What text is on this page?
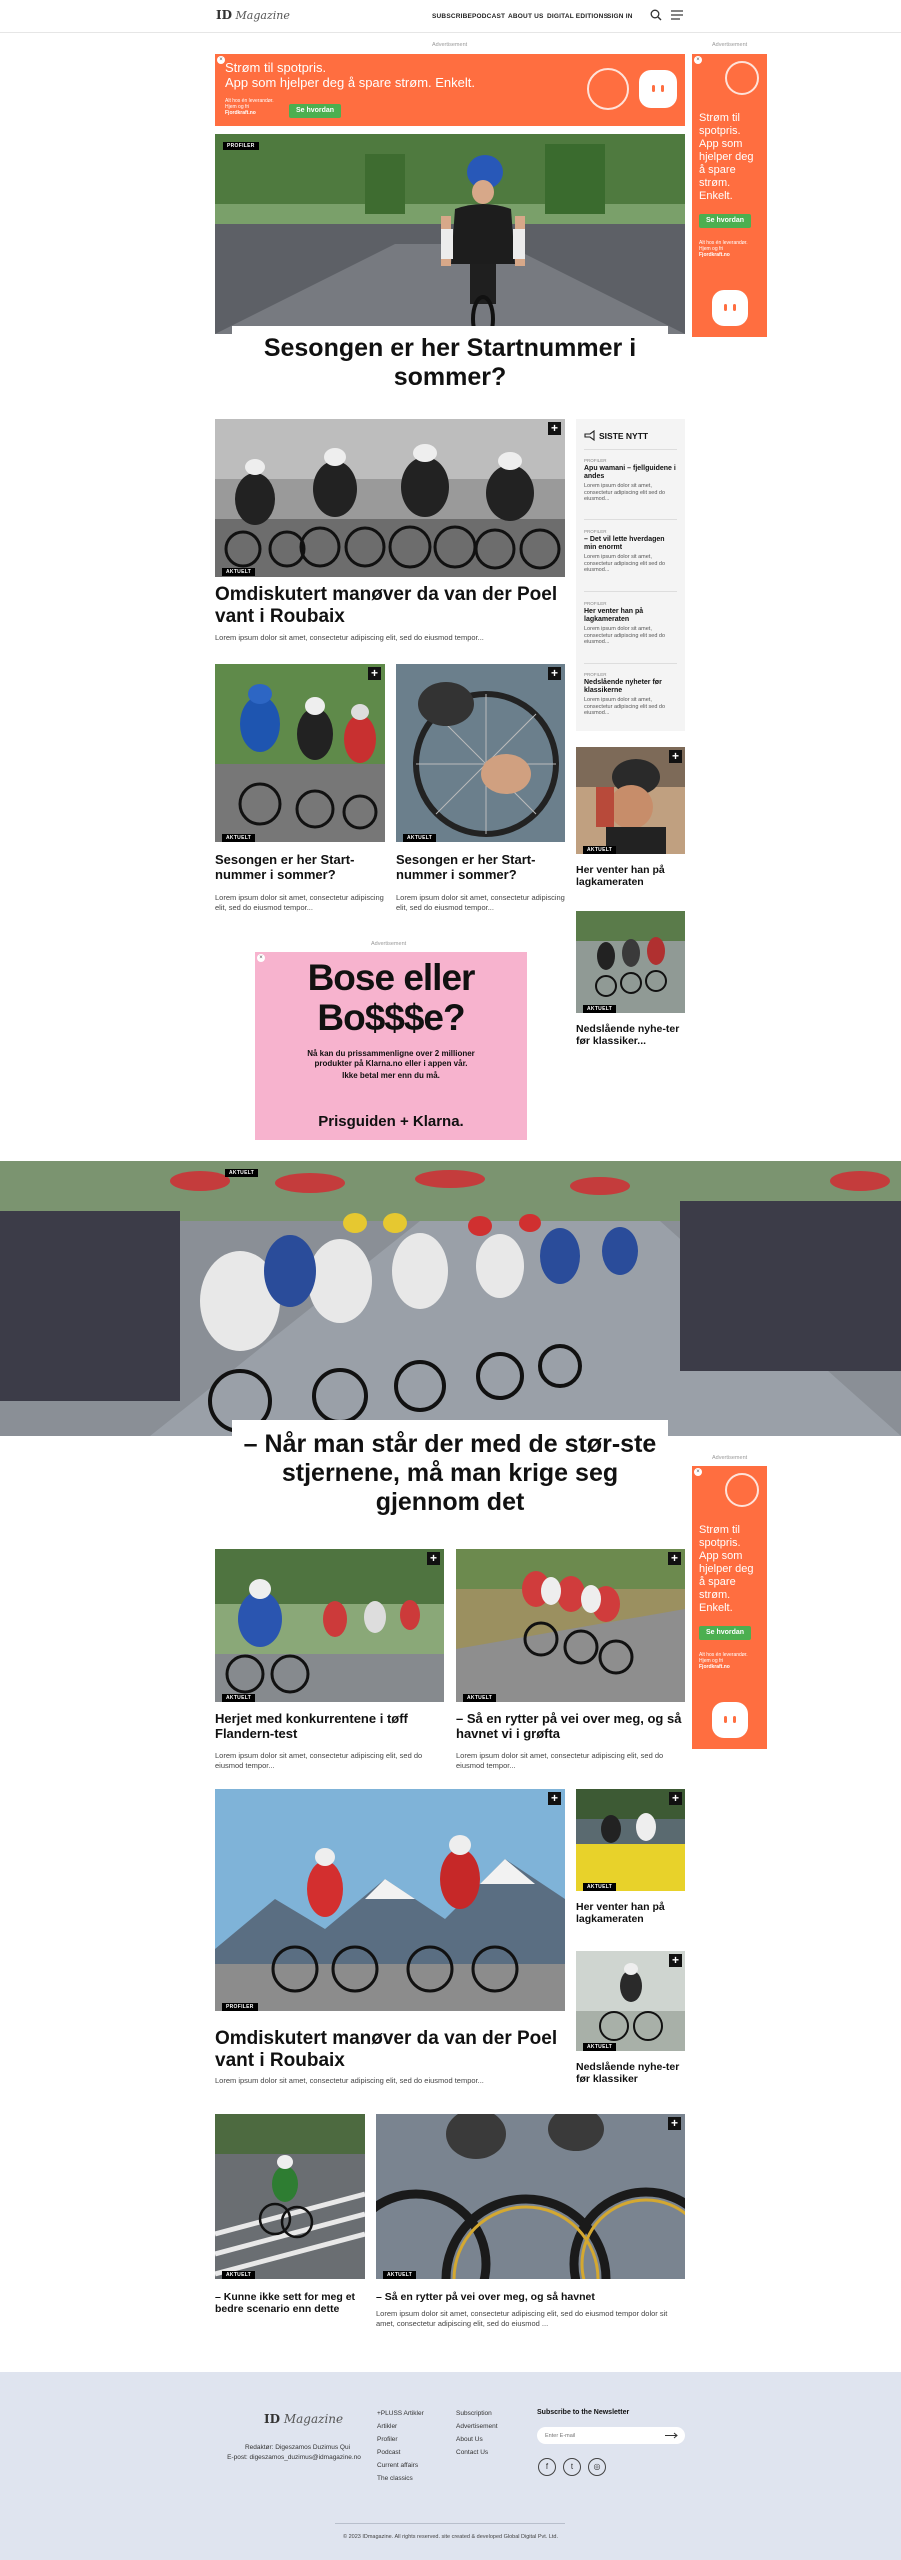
ID Magazine	SUBSCRIBE PODCAST ABOUT US DIGITAL EDITIONS
SIGN IN
Advertisement	Advertisement
× Strøm til spotpris.
App som hjelper deg å spare strøm. Enkelt.
Alt hos én leverandør.
Hjem og fri
Fjordkraft.no	Se hvordan
×
Strøm til spotpris. App som hjelper deg å spare strøm. Enkelt.
Se hvordan
Alt hos én leverandør.
Hjem og fri
Fjordkraft.no
PROFILER
Sesongen er her Startnummer i sommer?
+
AKTUELT
Omdiskutert manøver da van der Poel vant i Roubaix
Lorem ipsum dolor sit amet, consectetur adipiscing elit, sed do eiusmod tempor...
SISTE NYTT
PROFILER
Apu wamani – fjellguidene i andes
Lorem ipsum dolor sit amet, consectetur adipiscing elit sed do eiusmod...
PROFILER
– Det vil lette hverdagen min enormt
Lorem ipsum dolor sit amet, consectetur adipiscing elit sed do eiusmod...
PROFILER
Her venter han på lagkameraten
Lorem ipsum dolor sit amet, consectetur adipiscing elit sed do eiusmod...
PROFILER
Nedslående nyheter før klassikerne
Lorem ipsum dolor sit amet, consectetur adipiscing elit sed do eiusmod...
+
AKTUELT
Sesongen er her Start-nummer i sommer?
Lorem ipsum dolor sit amet, consectetur adipiscing elit, sed do eiusmod tempor...
+
AKTUELT
Sesongen er her Start-nummer i sommer?
Lorem ipsum dolor sit amet, consectetur adipiscing elit, sed do eiusmod tempor...
+
AKTUELT
Her venter han på lagkameraten
AKTUELT
Nedslående nyhe-ter før klassiker...
Advertisement
×	Bose eller
Bo$$$e?
Nå kan du prissammenligne over 2 millioner
produkter på Klarna.no eller i appen vår.
Ikke betal mer enn du må.
Prisguiden + Klarna.
AKTUELT
– Når man står der med de stør-ste stjernene, må man krige seg gjennom det
Advertisement
×
Strøm til spotpris. App som hjelper deg å spare strøm. Enkelt.
Se hvordan
Alt hos én leverandør.
Hjem og fri
Fjordkraft.no
+
AKTUELT
Herjet med konkurrentene i tøff Flandern-test
Lorem ipsum dolor sit amet, consectetur adipiscing elit, sed do eiusmod tempor...
+
AKTUELT
– Så en rytter på vei over meg, og så havnet vi i grøfta
Lorem ipsum dolor sit amet, consectetur adipiscing elit, sed do eiusmod tempor...
+
PROFILER
Omdiskutert manøver da van der Poel vant i Roubaix
Lorem ipsum dolor sit amet, consectetur adipiscing elit, sed do eiusmod tempor...
+
AKTUELT
Her venter han på lagkameraten
+
AKTUELT
Nedslående nyhe-ter før klassiker
AKTUELT
– Kunne ikke sett for meg et bedre scenario enn dette
+
AKTUELT
– Så en rytter på vei over meg, og så havnet
Lorem ipsum dolor sit amet, consectetur adipiscing elit, sed do eiusmod tempor dolor sit amet, consectetur adipiscing elit, sed do eiusmod ...
ID Magazine
Redaktør: Digeszamos Duzimus Qui
E-post: digeszamos_duzimus@idmagazine.no
+PLUSS Artikler
Artikler
Profiler
Podcast
Current affairs
The classics
Subscription
Advertisement
About Us
Contact Us
Subscribe to the Newsletter
Enter E-mail
f	t	◎
© 2023 IDmagazine. All rights reserved. site created & developed Global Digital Pvt. Ltd.
